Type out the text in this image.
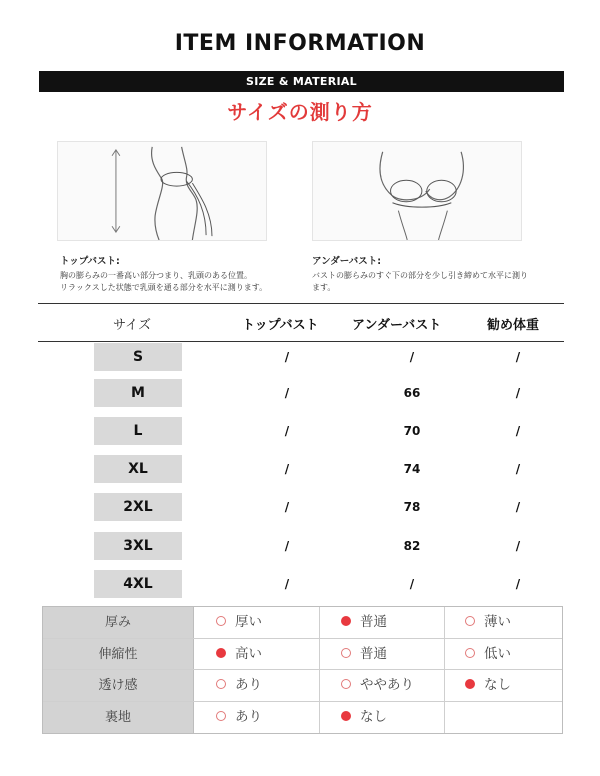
ITEM INFORMATION
SIZE & MATERIAL
サイズの測り方
トップバスト:
胸の膨らみの一番高い部分つまり、乳頭のある位置。
リラックスした状態で乳頭を通る部分を水平に測ります。
アンダーバスト:
バストの膨らみのすぐ下の部分を少し引き締めて水平に測り
ます。
サイズ	トップバスト	アンダーバスト	勧め体重
S	/	/	/
M	/	66	/
L	/	70	/
XL	/	74	/
2XL	/	78	/
3XL	/	82	/
4XL	/	/	/
厚み	厚い	普通	薄い
伸縮性	高い	普通	低い
透け感	あり	ややあり	なし
裏地	あり	なし
